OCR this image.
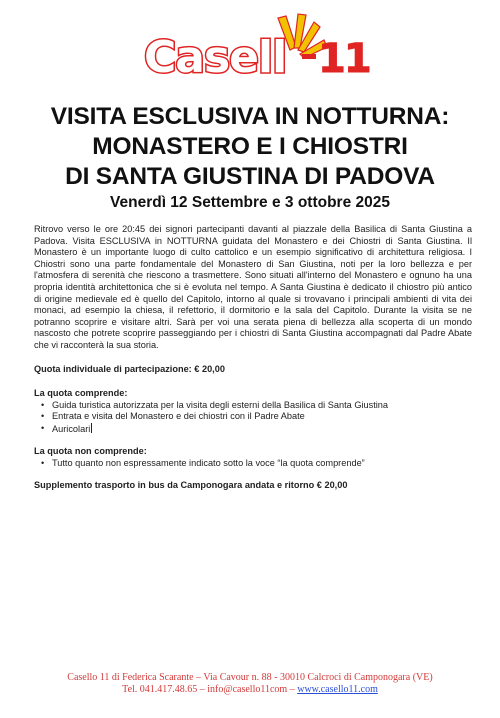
Casell 11
VISITA ESCLUSIVA IN NOTTURNA:
MONASTERO E I CHIOSTRI
DI SANTA GIUSTINA DI PADOVA
Venerdì 12 Settembre e 3 ottobre 2025
Ritrovo verso le ore 20:45 dei signori partecipanti davanti al piazzale della Basilica di Santa Giustina a Padova. Visita ESCLUSIVA in NOTTURNA guidata del Monastero e dei Chiostri di Santa Giustina. Il Monastero è un importante luogo di culto cattolico e un esempio significativo di architettura religiosa. I Chiostri sono una parte fondamentale del Monastero di San Giustina, noti per la loro bellezza e per l'atmosfera di serenità che riescono a trasmettere. Sono situati all'interno del Monastero e ognuno ha una propria identità architettonica che si è evoluta nel tempo. A Santa Giustina è dedicato il chiostro più antico di origine medievale ed è quello del Capitolo, intorno al quale si trovavano i principali ambienti di vita dei monaci, ad esempio la chiesa, il refettorio, il dormitorio e la sala del Capitolo. Durante la visita se ne potranno scoprire e visitare altri. Sarà per voi una serata piena di bellezza alla scoperta di un mondo nascosto che potrete scoprire passeggiando per i chiostri di Santa Giustina accompagnati dal Padre Abate che vi racconterà la sua storia.
Quota individuale di partecipazione: € 20,00
La quota comprende:
• Guida turistica autorizzata per la visita degli esterni della Basilica di Santa Giustina
• Entrata e visita del Monastero e dei chiostri con il Padre Abate
• Auricolari
La quota non comprende:
• Tutto quanto non espressamente indicato sotto la voce “la quota comprende”
Supplemento trasporto in bus da Camponogara andata e ritorno € 20,00
Casello 11 di Federica Scarante – Via Cavour n. 88 - 30010 Calcroci di Camponogara (VE)
Tel. 041.417.48.65 – info@casello11com – www.casello11.com
